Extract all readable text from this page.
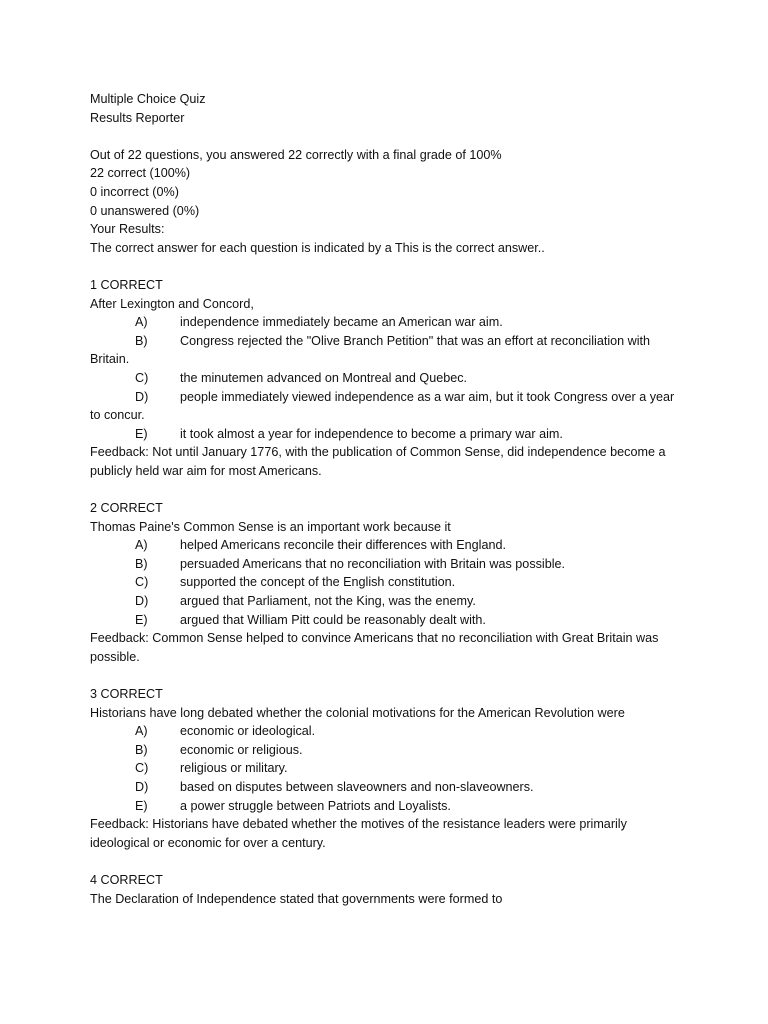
Multiple Choice Quiz
Results Reporter
Out of 22 questions, you answered 22 correctly with a final grade of 100%
22 correct (100%)
0 incorrect (0%)
0 unanswered (0%)
Your Results:
The correct answer for each question is indicated by a This is the correct answer..
1 CORRECT
After Lexington and Concord,
A)	independence immediately became an American war aim.
B)	Congress rejected the "Olive Branch Petition" that was an effort at reconciliation with
Britain.
C)	the minutemen advanced on Montreal and Quebec.
D)	people immediately viewed independence as a war aim, but it took Congress over a year
to concur.
E)	it took almost a year for independence to become a primary war aim.
Feedback: Not until January 1776, with the publication of Common Sense, did independence become a
publicly held war aim for most Americans.
2 CORRECT
Thomas Paine's Common Sense is an important work because it
A)	helped Americans reconcile their differences with England.
B)	persuaded Americans that no reconciliation with Britain was possible.
C)	supported the concept of the English constitution.
D)	argued that Parliament, not the King, was the enemy.
E)	argued that William Pitt could be reasonably dealt with.
Feedback: Common Sense helped to convince Americans that no reconciliation with Great Britain was
possible.
3 CORRECT
Historians have long debated whether the colonial motivations for the American Revolution were
A)	economic or ideological.
B)	economic or religious.
C)	religious or military.
D)	based on disputes between slaveowners and non-slaveowners.
E)	a power struggle between Patriots and Loyalists.
Feedback: Historians have debated whether the motives of the resistance leaders were primarily
ideological or economic for over a century.
4 CORRECT
The Declaration of Independence stated that governments were formed to
